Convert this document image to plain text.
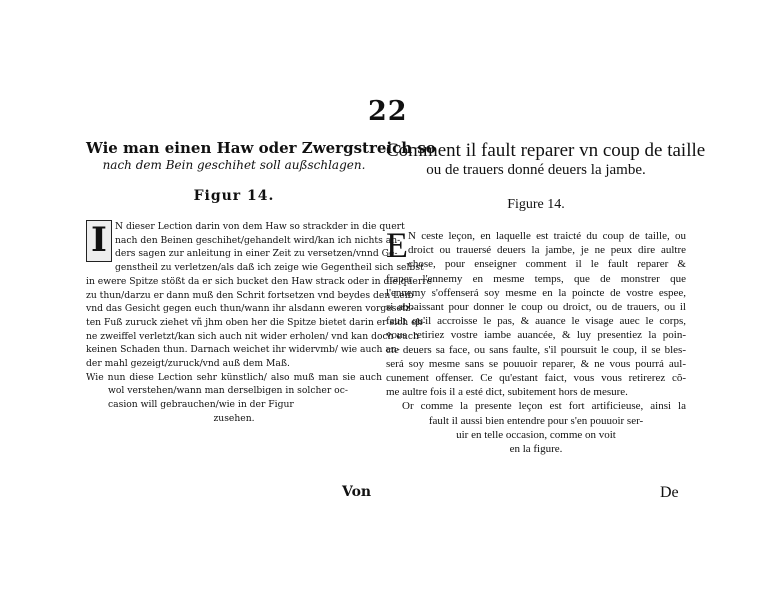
22
Wie man einen Haw oder Zwergstreich so
nach dem Bein geschihet soll außschlagen.
Figur 14.
I N dieser Lection darin von dem Haw so strackder in die quert
nach den Beinen geschihet/gehandelt wird/kan ich nichts an-
ders sagen zur anleitung in einer Zeit zu versetzen/vnnd Ge-
genstheil zu verletzen/als daß ich zeige wie Gegentheil sich selbst
in ewere Spitze stößt da er sich bucket den Haw strack oder in die querre
zu thun/darzu er dann muß den Schrit fortsetzen vnd beydes den Leib
vnd das Gesicht gegen euch thun/wann ihr alsdann eweren vorgesetz-
ten Fuß zuruck ziehet vñ jhm oben her die Spitze bietet darin er sich eh-
ne zweiffel verletzt/kan sich auch nit wider erholen/ vnd kan doch euch
keinen Schaden thun. Darnach weichet ihr widervmb/ wie auch an-
der mahl gezeigt/zuruck/vnd auß dem Maß.
Wie nun diese Lection sehr künstlich/ also muß man sie auch
wol verstehen/wann man derselbigen in solcher oc-
casion will gebrauchen/wie in der Figur
zusehen.
Comment il fault reparer vn coup de taille
ou de trauers donné deuers la jambe.
Figure 14.
E N ceste leçon, en laquelle est traicté du coup de taille, ou
droict ou trauersé deuers la jambe, je ne peux dire aultre
chose, pour enseigner comment il le fault reparer &
fraper l'ennemy en mesme temps, que de monstrer que
l'ennemy s'offenserá soy mesme en la poincte de vostre espee,
si abbaissant pour donner le coup ou droict, ou de trauers, ou il
fault qu'il accroisse le pas, & auance le visage auec le corps,
vous retiriez vostre iambe auancée, & luy presentiez la poin-
cte deuers sa face, ou sans faulte, s'il poursuit le coup, il se bles-
será soy mesme sans se pouuoir reparer, & ne vous pourrá aul-
cunement offenser. Ce qu'estant faict, vous vous retirerez cõ-
me aultre fois il a esté dict, subitement hors de mesure.
Or comme la presente leçon est fort artificieuse, ainsi la
fault il aussi bien entendre pour s'en pouuoir ser-
uir en telle occasion, comme on voit
en la figure.
Von	De
